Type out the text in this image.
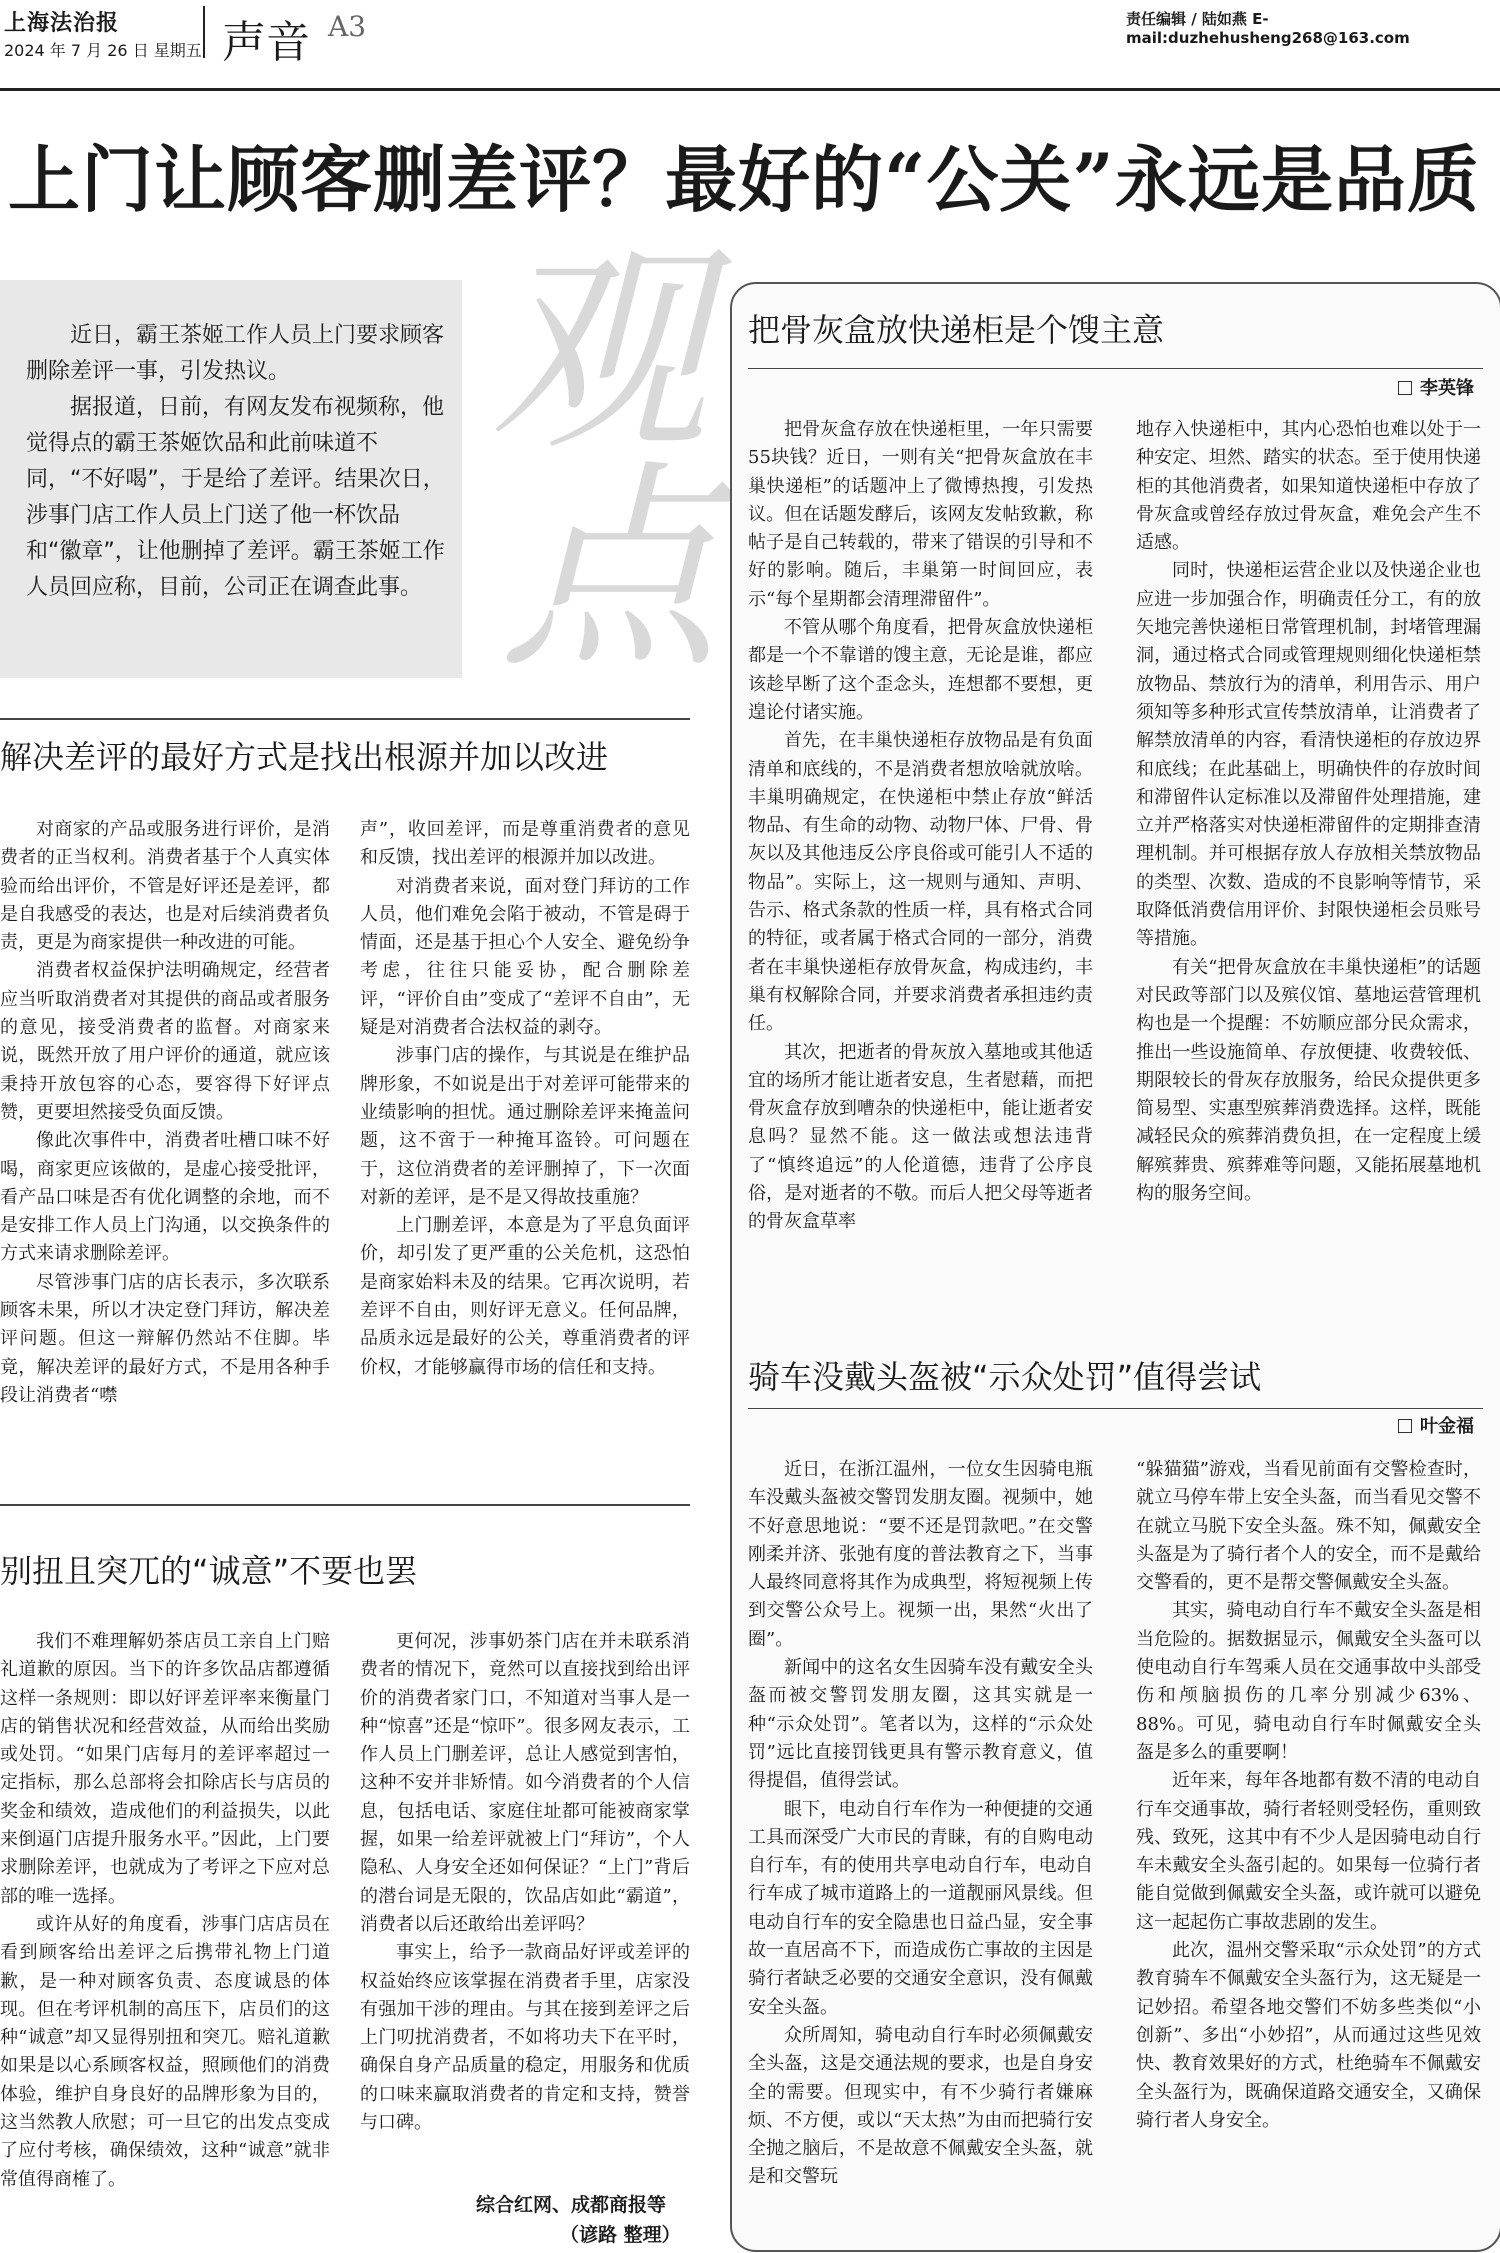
上海法治报
2024 年 7 月 26 日 星期五 声音 A3	责任编辑 / 陆如燕 E-mail:duzhehusheng268@163.com
上门让顾客删差评？最好的“公关”永远是品质
观
点

近日，霸王茶姬工作人员上门要求顾客删除差评一事，引发热议。

据报道，日前，有网友发布视频称，他觉得点的霸王茶姬饮品和此前味道不同，“不好喝”，于是给了差评。结果次日，涉事门店工作人员上门送了他一杯饮品和“徽章”，让他删掉了差评。霸王茶姬工作人员回应称，目前，公司正在调查此事。

解决差评的最好方式是找出根源并加以改进

对商家的产品或服务进行评价，是消费者的正当权利。消费者基于个人真实体验而给出评价，不管是好评还是差评，都是自我感受的表达，也是对后续消费者负责，更是为商家提供一种改进的可能。

消费者权益保护法明确规定，经营者应当听取消费者对其提供的商品或者服务的意见，接受消费者的监督。对商家来说，既然开放了用户评价的通道，就应该秉持开放包容的心态，要容得下好评点赞，更要坦然接受负面反馈。

像此次事件中，消费者吐槽口味不好喝，商家更应该做的，是虚心接受批评，看产品口味是否有优化调整的余地，而不是安排工作人员上门沟通，以交换条件的方式来请求删除差评。

尽管涉事门店的店长表示，多次联系顾客未果，所以才决定登门拜访，解决差评问题。但这一辩解仍然站不住脚。毕竟，解决差评的最好方式，不是用各种手段让消费者“噤

声”，收回差评，而是尊重消费者的意见和反馈，找出差评的根源并加以改进。

对消费者来说，面对登门拜访的工作人员，他们难免会陷于被动，不管是碍于情面，还是基于担心个人安全、避免纷争考虑，往往只能妥协，配合删除差评，“评价自由”变成了“差评不自由”，无疑是对消费者合法权益的剥夺。

涉事门店的操作，与其说是在维护品牌形象，不如说是出于对差评可能带来的业绩影响的担忧。通过删除差评来掩盖问题，这不啻于一种掩耳盗铃。可问题在于，这位消费者的差评删掉了，下一次面对新的差评，是不是又得故技重施？

上门删差评，本意是为了平息负面评价，却引发了更严重的公关危机，这恐怕是商家始料未及的结果。它再次说明，若差评不自由，则好评无意义。任何品牌，品质永远是最好的公关，尊重消费者的评价权，才能够赢得市场的信任和支持。

别扭且突兀的“诚意”不要也罢

我们不难理解奶茶店员工亲自上门赔礼道歉的原因。当下的许多饮品店都遵循这样一条规则：即以好评差评率来衡量门店的销售状况和经营效益，从而给出奖励或处罚。“如果门店每月的差评率超过一定指标，那么总部将会扣除店长与店员的奖金和绩效，造成他们的利益损失，以此来倒逼门店提升服务水平。”因此，上门要求删除差评，也就成为了考评之下应对总部的唯一选择。

或许从好的角度看，涉事门店店员在看到顾客给出差评之后携带礼物上门道歉，是一种对顾客负责、态度诚恳的体现。但在考评机制的高压下，店员们的这种“诚意”却又显得别扭和突兀。赔礼道歉如果是以心系顾客权益，照顾他们的消费体验，维护自身良好的品牌形象为目的，这当然教人欣慰；可一旦它的出发点变成了应付考核，确保绩效，这种“诚意”就非常值得商榷了。

更何况，涉事奶茶门店在并未联系消费者的情况下，竟然可以直接找到给出评价的消费者家门口，不知道对当事人是一种“惊喜”还是“惊吓”。很多网友表示，工作人员上门删差评，总让人感觉到害怕，这种不安并非矫情。如今消费者的个人信息，包括电话、家庭住址都可能被商家掌握，如果一给差评就被上门“拜访”，个人隐私、人身安全还如何保证？“上门”背后的潜台词是无限的，饮品店如此“霸道”，消费者以后还敢给出差评吗？

事实上，给予一款商品好评或差评的权益始终应该掌握在消费者手里，店家没有强加干涉的理由。与其在接到差评之后上门叨扰消费者，不如将功夫下在平时，确保自身产品质量的稳定，用服务和优质的口味来赢取消费者的肯定和支持，赞誉与口碑。

综合红网、成都商报等
（谚路 整理）
把骨灰盒放快递柜是个馊主意
李英锋

把骨灰盒存放在快递柜里，一年只需要55块钱？近日，一则有关“把骨灰盒放在丰巢快递柜”的话题冲上了微博热搜，引发热议。但在话题发酵后，该网友发帖致歉，称帖子是自己转载的，带来了错误的引导和不好的影响。随后，丰巢第一时间回应，表示“每个星期都会清理滞留件”。

不管从哪个角度看，把骨灰盒放快递柜都是一个不靠谱的馊主意，无论是谁，都应该趁早断了这个歪念头，连想都不要想，更遑论付诸实施。

首先，在丰巢快递柜存放物品是有负面清单和底线的，不是消费者想放啥就放啥。丰巢明确规定，在快递柜中禁止存放“鲜活物品、有生命的动物、动物尸体、尸骨、骨灰以及其他违反公序良俗或可能引人不适的物品”。实际上，这一规则与通知、声明、告示、格式条款的性质一样，具有格式合同的特征，或者属于格式合同的一部分，消费者在丰巢快递柜存放骨灰盒，构成违约，丰巢有权解除合同，并要求消费者承担违约责任。

其次，把逝者的骨灰放入墓地或其他适宜的场所才能让逝者安息，生者慰藉，而把骨灰盒存放到嘈杂的快递柜中，能让逝者安息吗？显然不能。这一做法或想法违背了“慎终追远”的人伦道德，违背了公序良俗，是对逝者的不敬。而后人把父母等逝者的骨灰盒草率

地存入快递柜中，其内心恐怕也难以处于一种安定、坦然、踏实的状态。至于使用快递柜的其他消费者，如果知道快递柜中存放了骨灰盒或曾经存放过骨灰盒，难免会产生不适感。

同时，快递柜运营企业以及快递企业也应进一步加强合作，明确责任分工，有的放矢地完善快递柜日常管理机制，封堵管理漏洞，通过格式合同或管理规则细化快递柜禁放物品、禁放行为的清单，利用告示、用户须知等多种形式宣传禁放清单，让消费者了解禁放清单的内容，看清快递柜的存放边界和底线；在此基础上，明确快件的存放时间和滞留件认定标准以及滞留件处理措施，建立并严格落实对快递柜滞留件的定期排查清理机制。并可根据存放人存放相关禁放物品的类型、次数、造成的不良影响等情节，采取降低消费信用评价、封限快递柜会员账号等措施。

有关“把骨灰盒放在丰巢快递柜”的话题对民政等部门以及殡仪馆、墓地运营管理机构也是一个提醒：不妨顺应部分民众需求，推出一些设施简单、存放便捷、收费较低、期限较长的骨灰存放服务，给民众提供更多简易型、实惠型殡葬消费选择。这样，既能减轻民众的殡葬消费负担，在一定程度上缓解殡葬贵、殡葬难等问题，又能拓展墓地机构的服务空间。

骑车没戴头盔被“示众处罚”值得尝试
叶金福

近日，在浙江温州，一位女生因骑电瓶车没戴头盔被交警罚发朋友圈。视频中，她不好意思地说：“要不还是罚款吧。”在交警刚柔并济、张弛有度的普法教育之下，当事人最终同意将其作为成典型，将短视频上传到交警公众号上。视频一出，果然“火出了圈”。

新闻中的这名女生因骑车没有戴安全头盔而被交警罚发朋友圈，这其实就是一种“示众处罚”。笔者以为，这样的“示众处罚”远比直接罚钱更具有警示教育意义，值得提倡，值得尝试。

眼下，电动自行车作为一种便捷的交通工具而深受广大市民的青睐，有的自购电动自行车，有的使用共享电动自行车，电动自行车成了城市道路上的一道靓丽风景线。但电动自行车的安全隐患也日益凸显，安全事故一直居高不下，而造成伤亡事故的主因是骑行者缺乏必要的交通安全意识，没有佩戴安全头盔。

众所周知，骑电动自行车时必须佩戴安全头盔，这是交通法规的要求，也是自身安全的需要。但现实中，有不少骑行者嫌麻烦、不方便，或以“天太热”为由而把骑行安全抛之脑后，不是故意不佩戴安全头盔，就是和交警玩

“躲猫猫”游戏，当看见前面有交警检查时，就立马停车带上安全头盔，而当看见交警不在就立马脱下安全头盔。殊不知，佩戴安全头盔是为了骑行者个人的安全，而不是戴给交警看的，更不是帮交警佩戴安全头盔。

其实，骑电动自行车不戴安全头盔是相当危险的。据数据显示，佩戴安全头盔可以使电动自行车驾乘人员在交通事故中头部受伤和颅脑损伤的几率分别减少63%、88%。可见，骑电动自行车时佩戴安全头盔是多么的重要啊！

近年来，每年各地都有数不清的电动自行车交通事故，骑行者轻则受轻伤，重则致残、致死，这其中有不少人是因骑电动自行车未戴安全头盔引起的。如果每一位骑行者能自觉做到佩戴安全头盔，或许就可以避免这一起起伤亡事故悲剧的发生。

此次，温州交警采取“示众处罚”的方式教育骑车不佩戴安全头盔行为，这无疑是一记妙招。希望各地交警们不妨多些类似“小创新”、多出“小妙招”，从而通过这些见效快、教育效果好的方式，杜绝骑车不佩戴安全头盔行为，既确保道路交通安全，又确保骑行者人身安全。
